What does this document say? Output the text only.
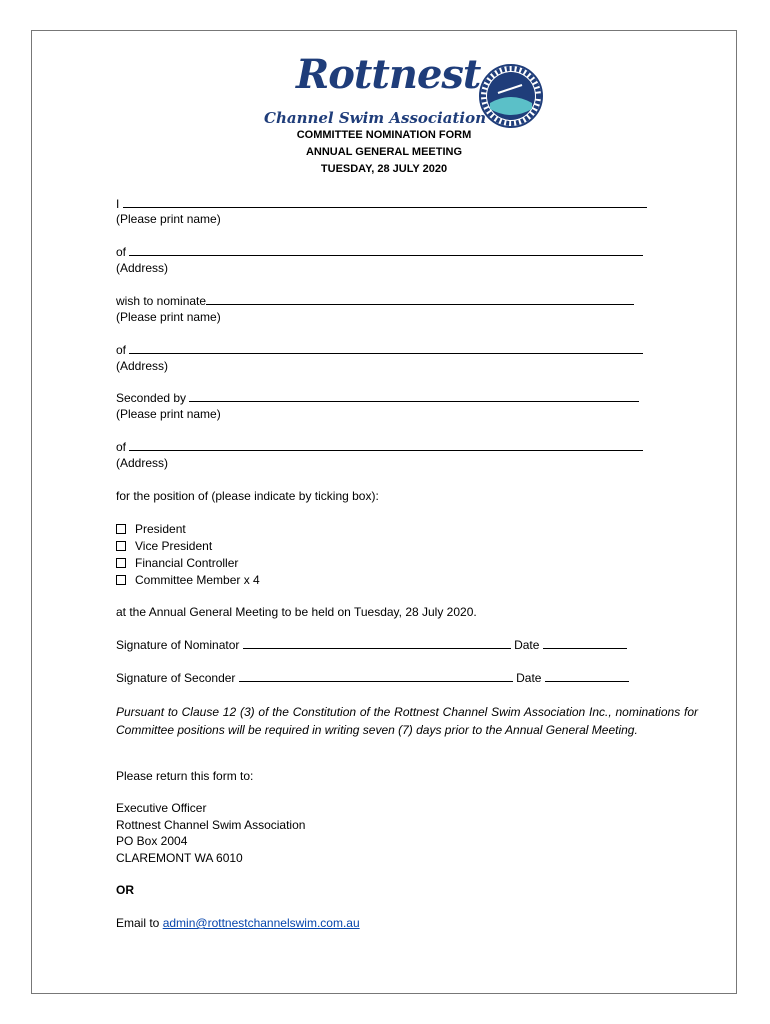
Rottnest
Channel Swim Association
COMMITTEE NOMINATION FORM
ANNUAL GENERAL MEETING
TUESDAY, 28 JULY 2020
I
(Please print name)
of
(Address)
wish to nominate
(Please print name)
of
(Address)
Seconded by
(Please print name)
of
(Address)
for the position of (please indicate by ticking box):
President
Vice President
Financial Controller
Committee Member x 4
at the Annual General Meeting to be held on Tuesday, 28 July 2020.
Signature of Nominator	Date
Signature of Seconder	Date
Pursuant to Clause 12 (3) of the Constitution of the Rottnest Channel Swim Association Inc., nominations for Committee positions will be required in writing seven (7) days prior to the Annual General Meeting.
Please return this form to:
Executive Officer
Rottnest Channel Swim Association
PO Box 2004
CLAREMONT WA 6010
OR
Email to admin@rottnestchannelswim.com.au
